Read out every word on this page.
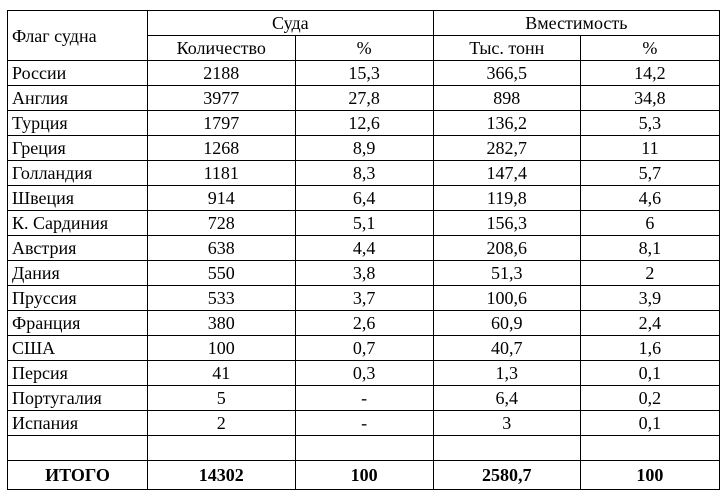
Флаг судна	Суда		Вместимость	
	Количество	%	Тыс. тонн	%
России	2188	15,3	366,5	14,2
Англия	3977	27,8	898	34,8
Турция	1797	12,6	136,2	5,3
Греция	1268	8,9	282,7	11
Голландия	1181	8,3	147,4	5,7
Швеция	914	6,4	119,8	4,6
К. Сардиния	728	5,1	156,3	6
Австрия	638	4,4	208,6	8,1
Дания	550	3,8	51,3	2
Пруссия	533	3,7	100,6	3,9
Франция	380	2,6	60,9	2,4
США	100	0,7	40,7	1,6
Персия	41	0,3	1,3	0,1
Португалия	5	-	6,4	0,2
Испания	2	-	3	0,1

ИТОГО	14302	100	2580,7	100
